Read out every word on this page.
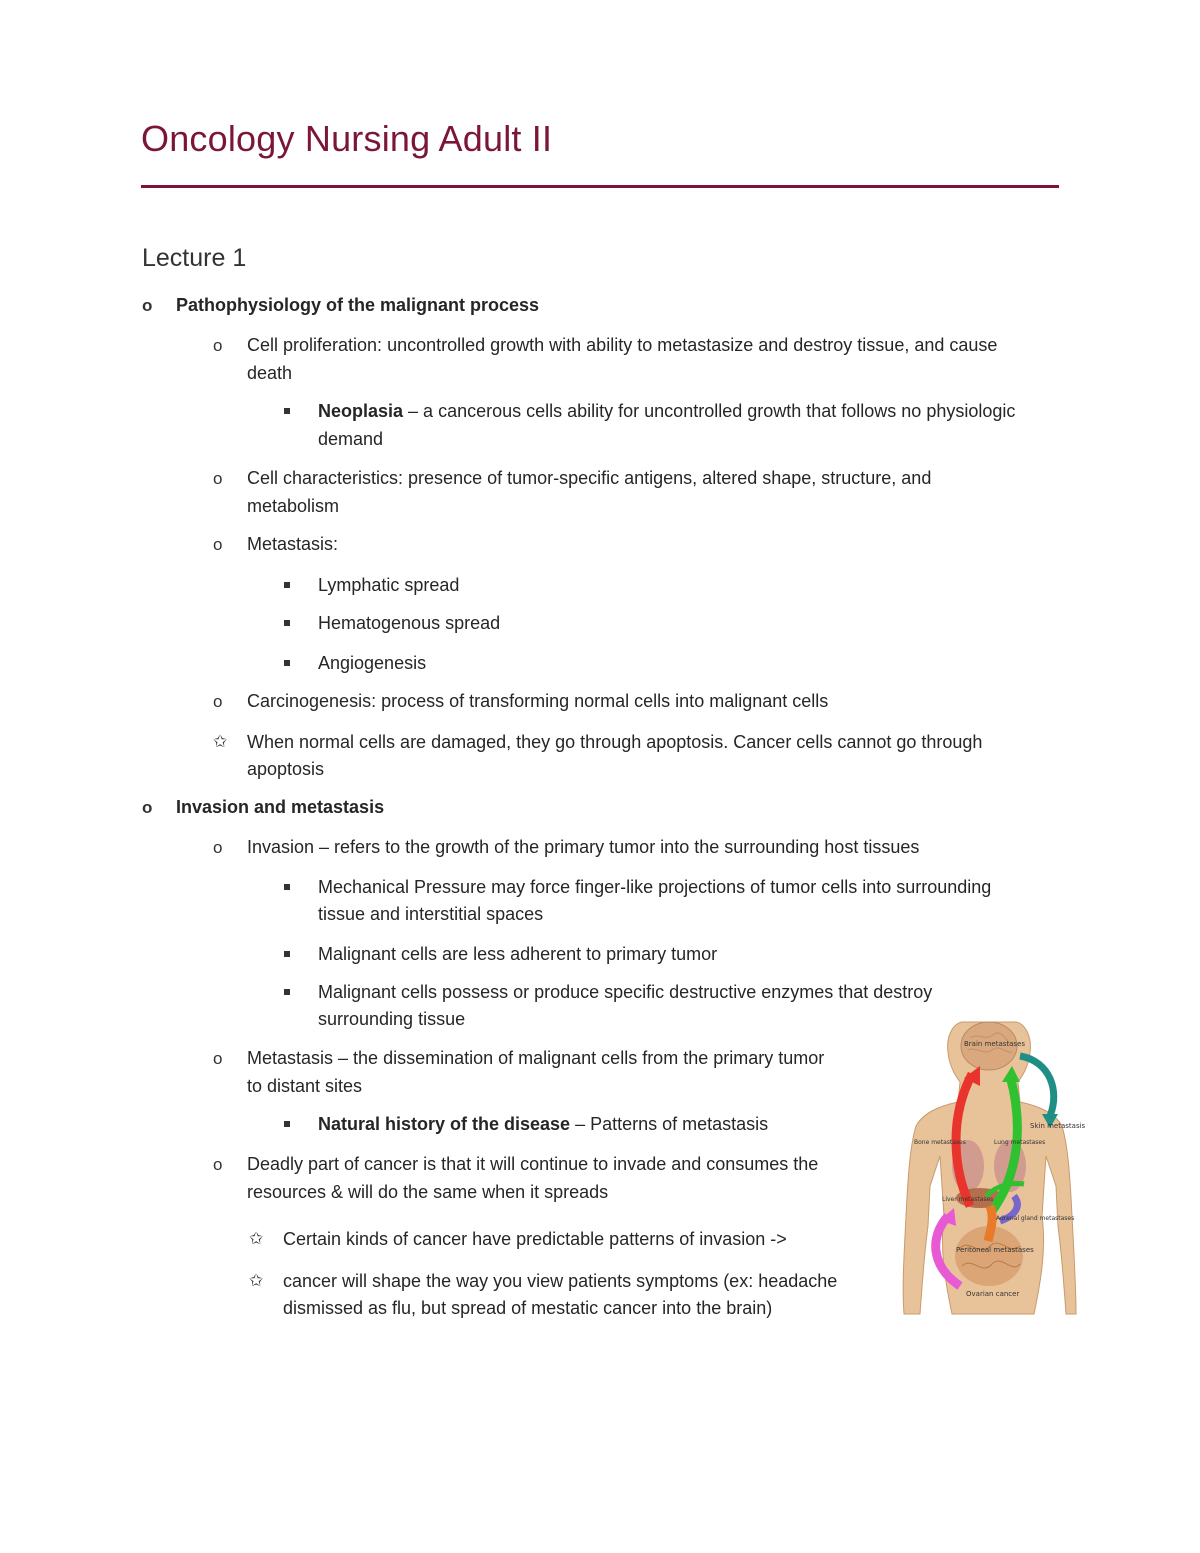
Oncology Nursing Adult II
Lecture 1
o Pathophysiology of the malignant process
o Cell proliferation: uncontrolled growth with ability to metastasize and destroy tissue, and cause
death
Neoplasia – a cancerous cells ability for uncontrolled growth that follows no physiologic
demand
o Cell characteristics: presence of tumor-specific antigens, altered shape, structure, and
metabolism
o Metastasis:
Lymphatic spread
Hematogenous spread
Angiogenesis
o Carcinogenesis: process of transforming normal cells into malignant cells
✩ When normal cells are damaged, they go through apoptosis. Cancer cells cannot go through
apoptosis
o Invasion and metastasis
o Invasion – refers to the growth of the primary tumor into the surrounding host tissues
Mechanical Pressure may force finger-like projections of tumor cells into surrounding
tissue and interstitial spaces
Malignant cells are less adherent to primary tumor
Malignant cells possess or produce specific destructive enzymes that destroy
surrounding tissue
o Metastasis – the dissemination of malignant cells from the primary tumor
to distant sites
Natural history of the disease – Patterns of metastasis
o Deadly part of cancer is that it will continue to invade and consumes the
resources & will do the same when it spreads
✩ Certain kinds of cancer have predictable patterns of invasion ->
✩ cancer will shape the way you view patients symptoms (ex: headache
dismissed as flu, but spread of mestatic cancer into the brain)
Brain metastases
Skin metastasis
Bone metastases	Lung metastases
Liver metastases
Adrenal gland metastases
Peritoneal metastases
Ovarian cancer
